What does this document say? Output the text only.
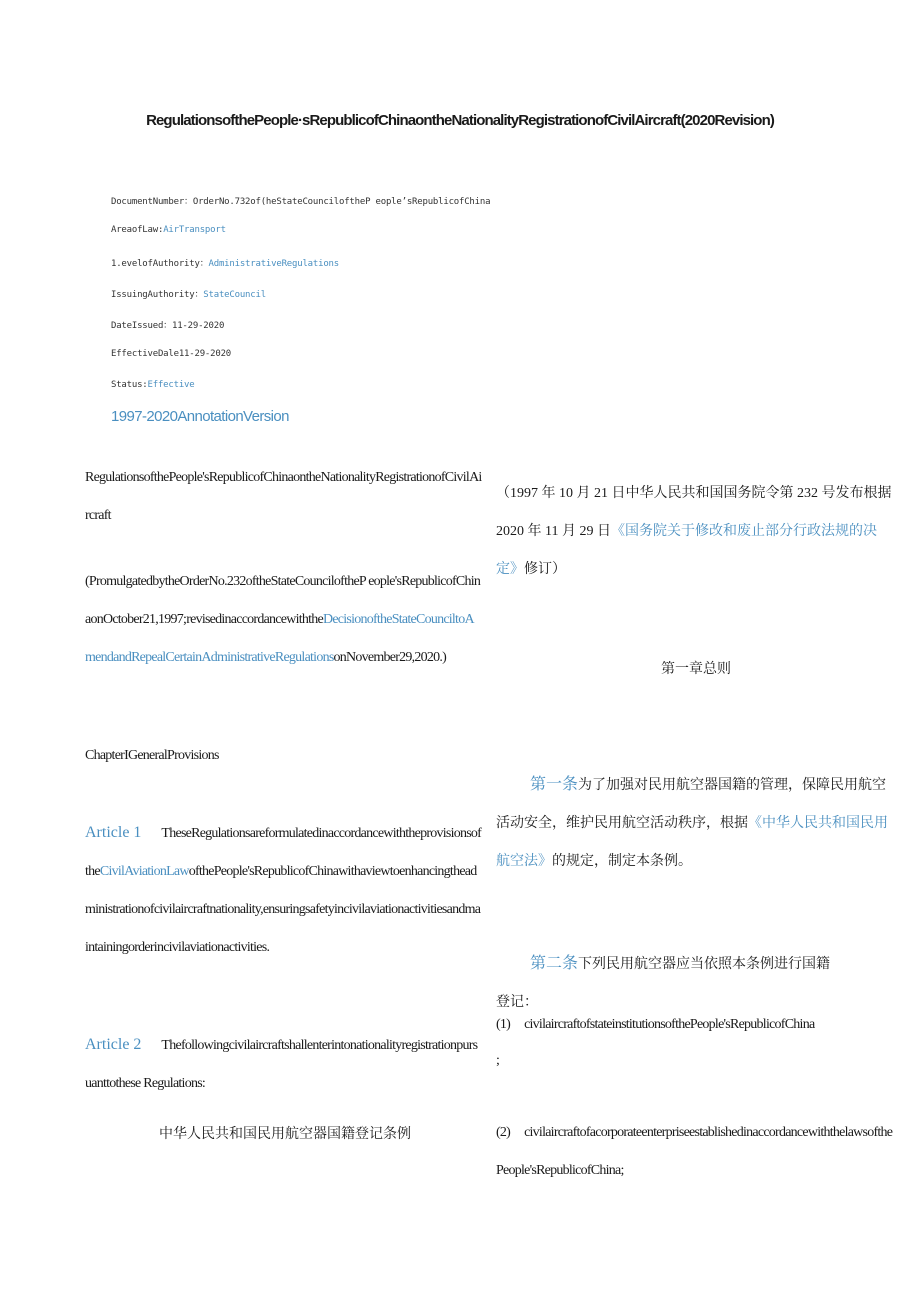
RegulationsofthePeople·sRepublicofChinaontheNationalityRegistrationofCivilAircraft(2020Revision)
DocumentNumber：OrderNo.732of(heStateCounciloftheP eople’sRepublicofChina
AreaofLaw:AirTransport
1.evelofAuthority：AdministrativeRegulations
IssuingAuthority：StateCouncil
DateIssued：11-29-2020
EffectiveDale11-29-2020
Status:Effective
1997-2020AnnotationVersion
RegulationsofthePeople'sRepublicofChinaontheNationalityRegistrationofCivilAircraft
(PromulgatedbytheOrderNo.232oftheStateCounciloftheP eople'sRepublicofChinaonOctober21,1997;revisedinaccordancewiththeDecisionoftheStateCounciltoAmendandRepealCertainAdministrativeRegulationsonNovember29,2020.)
ChapterIGeneralProvisions
Article 1 TheseRegulationsareformulatedinaccordancewiththeprovisionsoftheCivilAviationLawofthePeople'sRepublicofChinawithaviewtoenhancingtheadministrationofcivilaircraftnationality,ensuringsafetyincivilaviationactivitiesandmaintainingorderincivilaviationactivities.
Article 2 Thefollowingcivilaircraftshallenterintonationalityregistrationpursuanttothese Regulations:
中华人民共和国民用航空器国籍登记条例
（1997 年 10 月 21 日中华人民共和国国务院令第 232 号发布根据 2020 年 11 月 29 日《国务院关于修改和废止部分行政法规的决定》修订）
第一章总则
第一条为了加强对民用航空器国籍的管理，保障民用航空活动安全，维护民用航空活动秩序，根据《中华人民共和国民用航空法》的规定，制定本条例。
第二条下列民用航空器应当依照本条例进行国籍
登记：
(1) civilaircraftofstateinstitutionsofthePeople'sRepublicofChina
;
(2) civilaircraftofacorporateenterpriseestablishedinaccordancewiththelawsofthePeople'sRepublicofChina;
